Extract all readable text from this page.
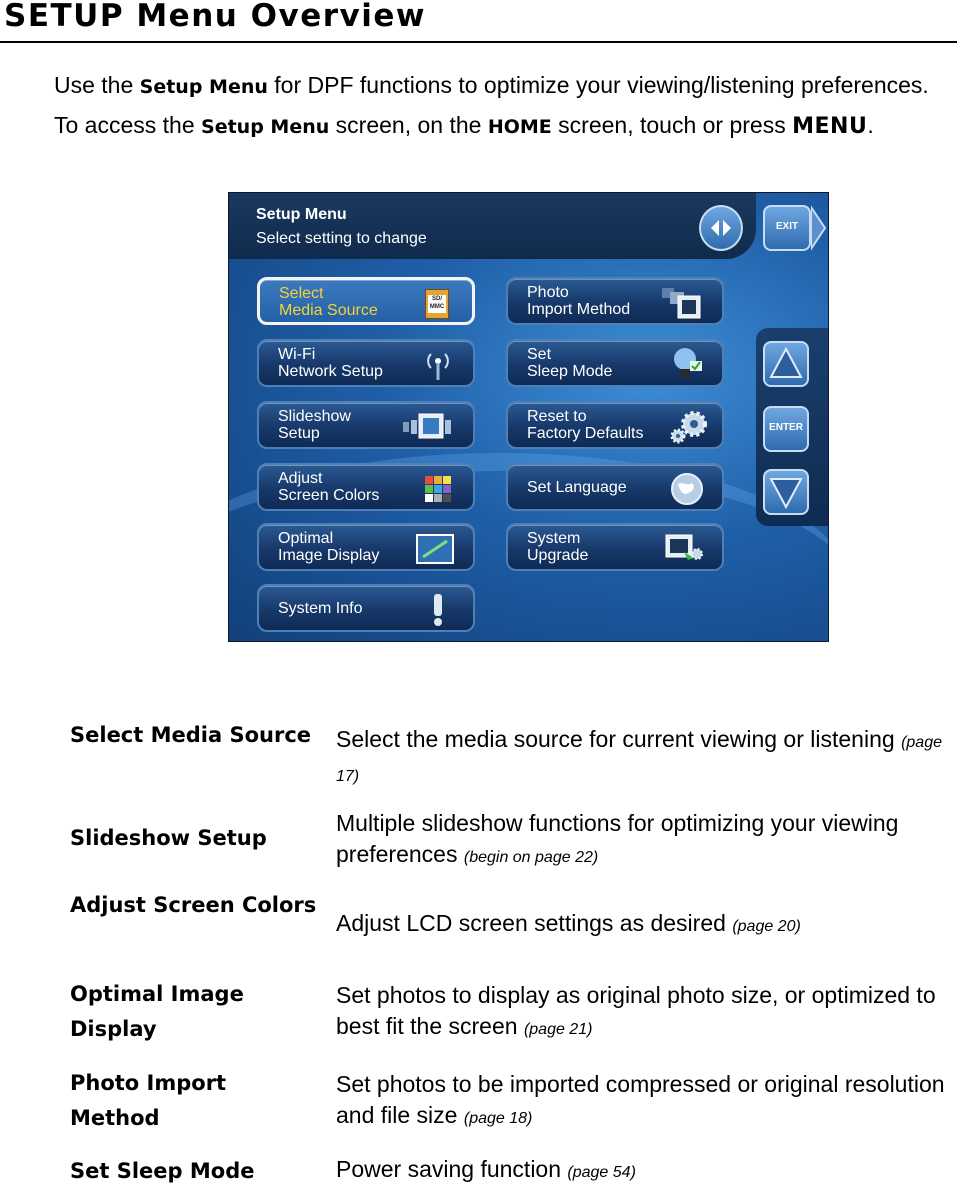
SETUP Menu Overview
Use the Setup Menu for DPF functions to optimize your viewing/listening preferences. To access the Setup Menu screen, on the HOME screen, touch or press MENU.
Setup Menu
Select setting to change
EXIT
ENTER
Select
Media Source
SD/
MMC
Wi-Fi
Network Setup
Slideshow
Setup
Adjust
Screen Colors
Optimal
Image Display
System Info
Photo
Import Method
Set
Sleep Mode
Reset to
Factory Defaults
Set Language
System
Upgrade
Select Media Source	Select the media source for current viewing or listening (page 17)
Slideshow Setup
Multiple slideshow functions for optimizing your viewing preferences (begin on page 22)
Adjust Screen Colors
Adjust LCD screen settings as desired (page 20)
Optimal Image Display
Set photos to display as original photo size, or optimized to best fit the screen (page 21)
Photo Import Method
Set photos to be imported compressed or original resolution and file size (page 18)
Set Sleep Mode	Power saving function (page 54)
